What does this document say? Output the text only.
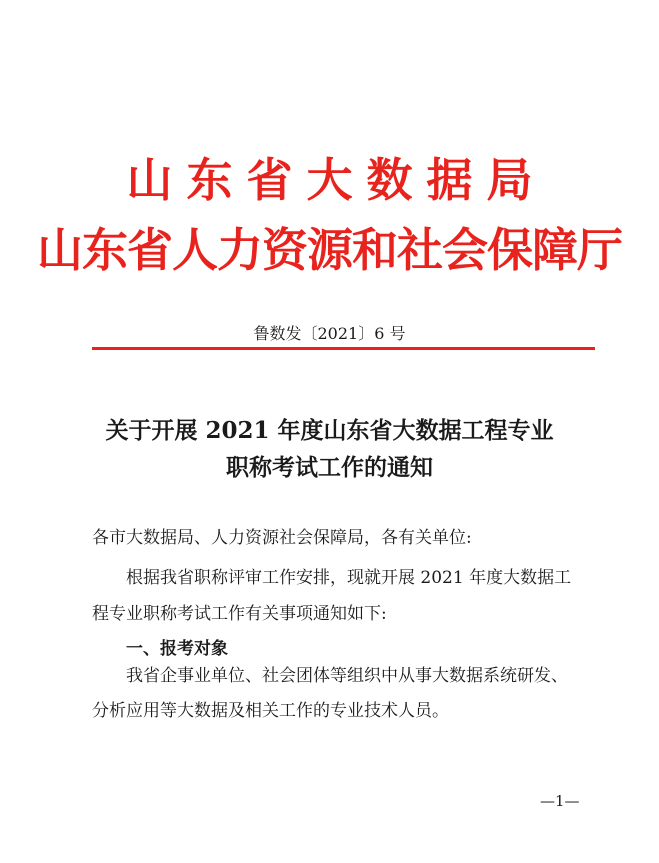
山东省大数据局
山东省人力资源和社会保障厅
鲁数发〔2021〕6 号
关于开展 2021 年度山东省大数据工程专业
职称考试工作的通知
各市大数据局、人力资源社会保障局，各有关单位:
根据我省职称评审工作安排，现就开展 2021 年度大数据工
程专业职称考试工作有关事项通知如下:
一、报考对象
我省企事业单位、社会团体等组织中从事大数据系统研发、
分析应用等大数据及相关工作的专业技术人员。
—1—
